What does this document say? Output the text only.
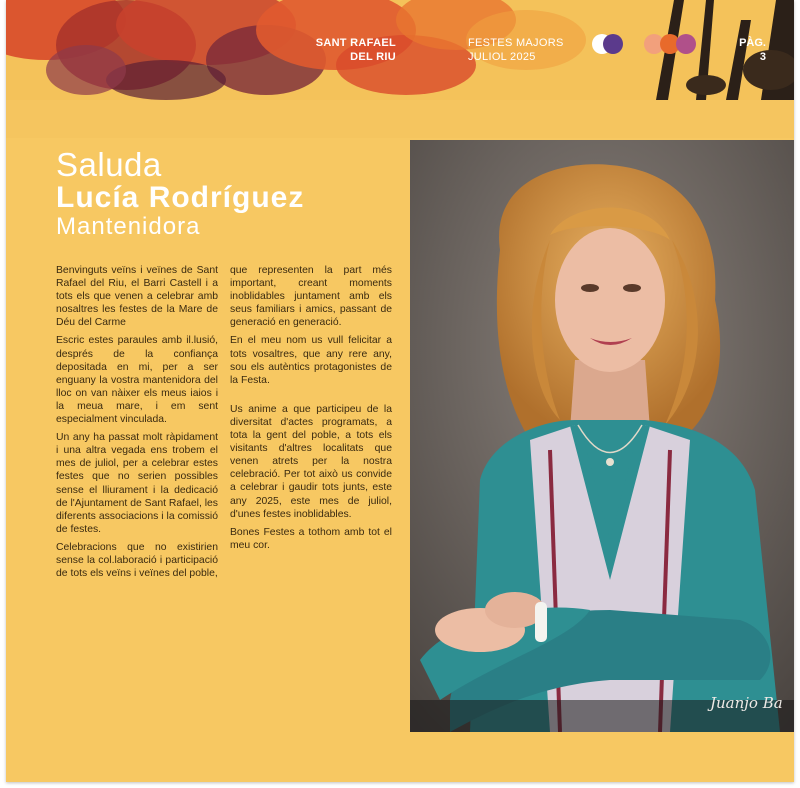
SANT RAFAEL
DEL RIU
FESTES MAJORS
JULIOL 2025
PÀG.
3
Saluda
Lucía Rodríguez
Mantenidora

Benvinguts veïns i veïnes de Sant Rafael del Riu, el Barri Castell i a tots els que venen a celebrar amb nosaltres les festes de la Mare de Déu del Carme

Escric estes paraules amb il.lusió, després de la confiança depositada en mi, per a ser enguany la vostra mantenidora del lloc on van nàixer els meus iaios i la meua mare, i em sent especialment vinculada.

Un any ha passat molt ràpidament i una altra vegada ens trobem el mes de juliol, per a celebrar estes festes que no serien possibles sense el lliurament i la dedicació de l'Ajuntament de Sant Rafael, les diferents associacions i la comissió de festes.

Celebracions que no existirien sense la col.laboració i participació de tots els veïns i veïnes del poble,

que representen la part més important, creant moments inoblidables juntament amb els seus familiars i amics, passant de generació en generació.

En el meu nom us vull felicitar a tots vosaltres, que any rere any, sou els autèntics protagonistes de la Festa.

Us anime a que participeu de la diversitat d'actes programats, a tota la gent del poble, a tots els visitants d'altres localitats que venen atrets per la nostra celebració. Per tot això us convide a celebrar i gaudir tots junts, este any 2025, este mes de juliol, d'unes festes inoblidables.

Bones Festes a tothom amb tot el meu cor.

Juanjo Ba
